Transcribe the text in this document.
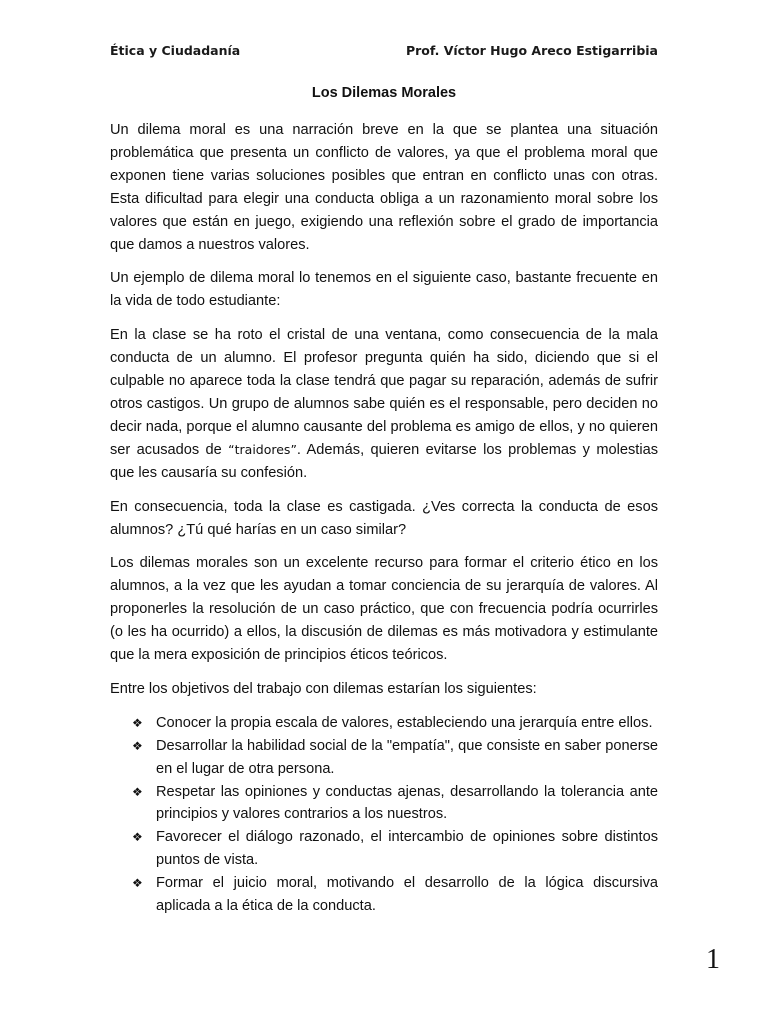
Ética y Ciudadanía	Prof. Víctor Hugo Areco Estigarribia
Los Dilemas Morales

Un dilema moral es una narración breve en la que se plantea una situación problemática que presenta un conflicto de valores, ya que el problema moral que exponen tiene varias soluciones posibles que entran en conflicto unas con otras. Esta dificultad para elegir una conducta obliga a un razonamiento moral sobre los valores que están en juego, exigiendo una reflexión sobre el grado de importancia que damos a nuestros valores.

Un ejemplo de dilema moral lo tenemos en el siguiente caso, bastante frecuente en la vida de todo estudiante:

En la clase se ha roto el cristal de una ventana, como consecuencia de la mala conducta de un alumno. El profesor pregunta quién ha sido, diciendo que si el culpable no aparece toda la clase tendrá que pagar su reparación, además de sufrir otros castigos. Un grupo de alumnos sabe quién es el responsable, pero deciden no decir nada, porque el alumno causante del problema es amigo de ellos, y no quieren ser acusados de “traidores”. Además, quieren evitarse los problemas y molestias que les causaría su confesión.

En consecuencia, toda la clase es castigada. ¿Ves correcta la conducta de esos alumnos? ¿Tú qué harías en un caso similar?

Los dilemas morales son un excelente recurso para formar el criterio ético en los alumnos, a la vez que les ayudan a tomar conciencia de su jerarquía de valores. Al proponerles la resolución de un caso práctico, que con frecuencia podría ocurrirles (o les ha ocurrido) a ellos, la discusión de dilemas es más motivadora y estimulante que la mera exposición de principios éticos teóricos.

Entre los objetivos del trabajo con dilemas estarían los siguientes:

❖ Conocer la propia escala de valores, estableciendo una jerarquía entre ellos.
❖ Desarrollar la habilidad social de la "empatía", que consiste en saber ponerse en el lugar de otra persona.
❖ Respetar las opiniones y conductas ajenas, desarrollando la tolerancia ante principios y valores contrarios a los nuestros.
❖ Favorecer el diálogo razonado, el intercambio de opiniones sobre distintos puntos de vista.
❖ Formar el juicio moral, motivando el desarrollo de la lógica discursiva aplicada a la ética de la conducta.
1
